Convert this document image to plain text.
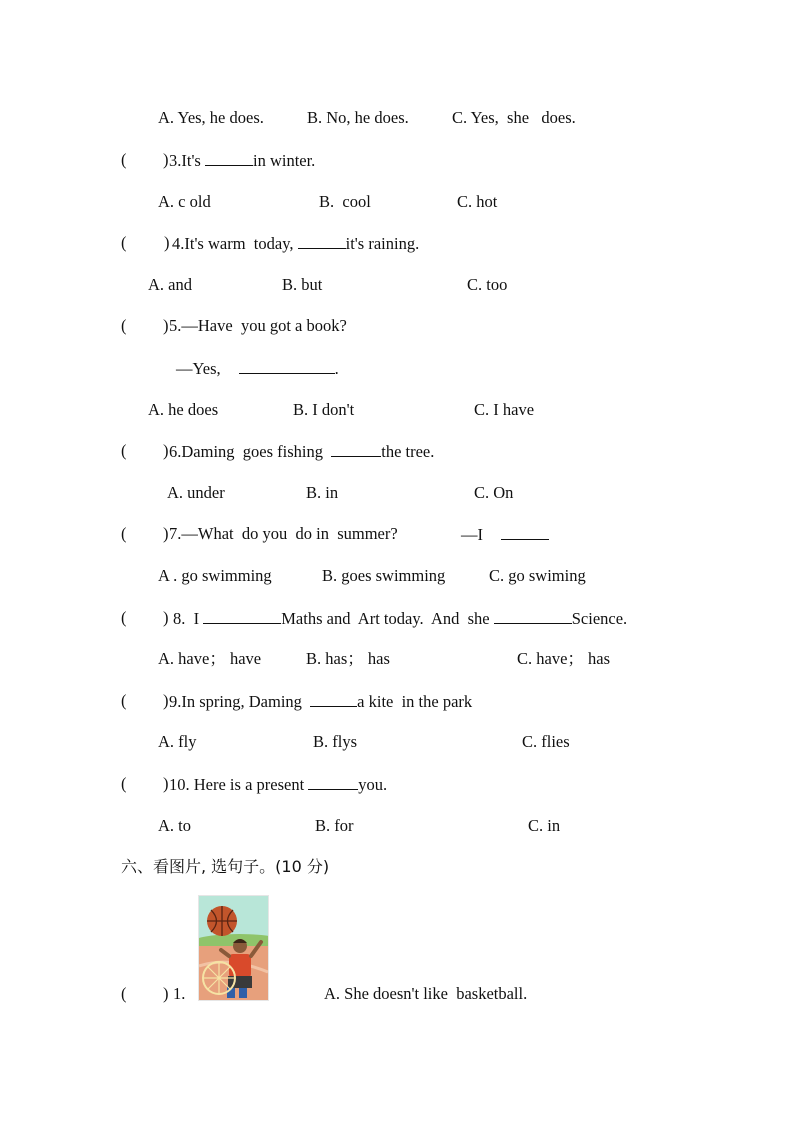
A. Yes, he does.	B. No, he does.	C. Yes,  she   does.
( ) 3.It's	in winter.
A. c old	B.  cool	C. hot
( ) 4.It's warm  today,	it's raining.
A. and	B. but	C. too
( ) 5.—Have  you got a book?
—Yes,	.
A. he does	B. I don't	C. I have
( ) 6.Daming  goes fishing	the tree.
A. under	B. in	C. On
( ) 7.—What  do you  do in  summer?	—I
A . go swimming	B. goes swimming	C. go swiming
( ) 8.  I	Maths and  Art today.  And  she	Science.
A. have； have	B. has； has	C. have； has
( ) 9.In spring, Daming	a kite  in the park
A. fly	B. flys	C. flies
( ) 10. Here is a present	you.
A. to	B. for	C. in
六、看图片, 选句子。(10 分)
( ) 1.	A. She doesn't like  basketball.
